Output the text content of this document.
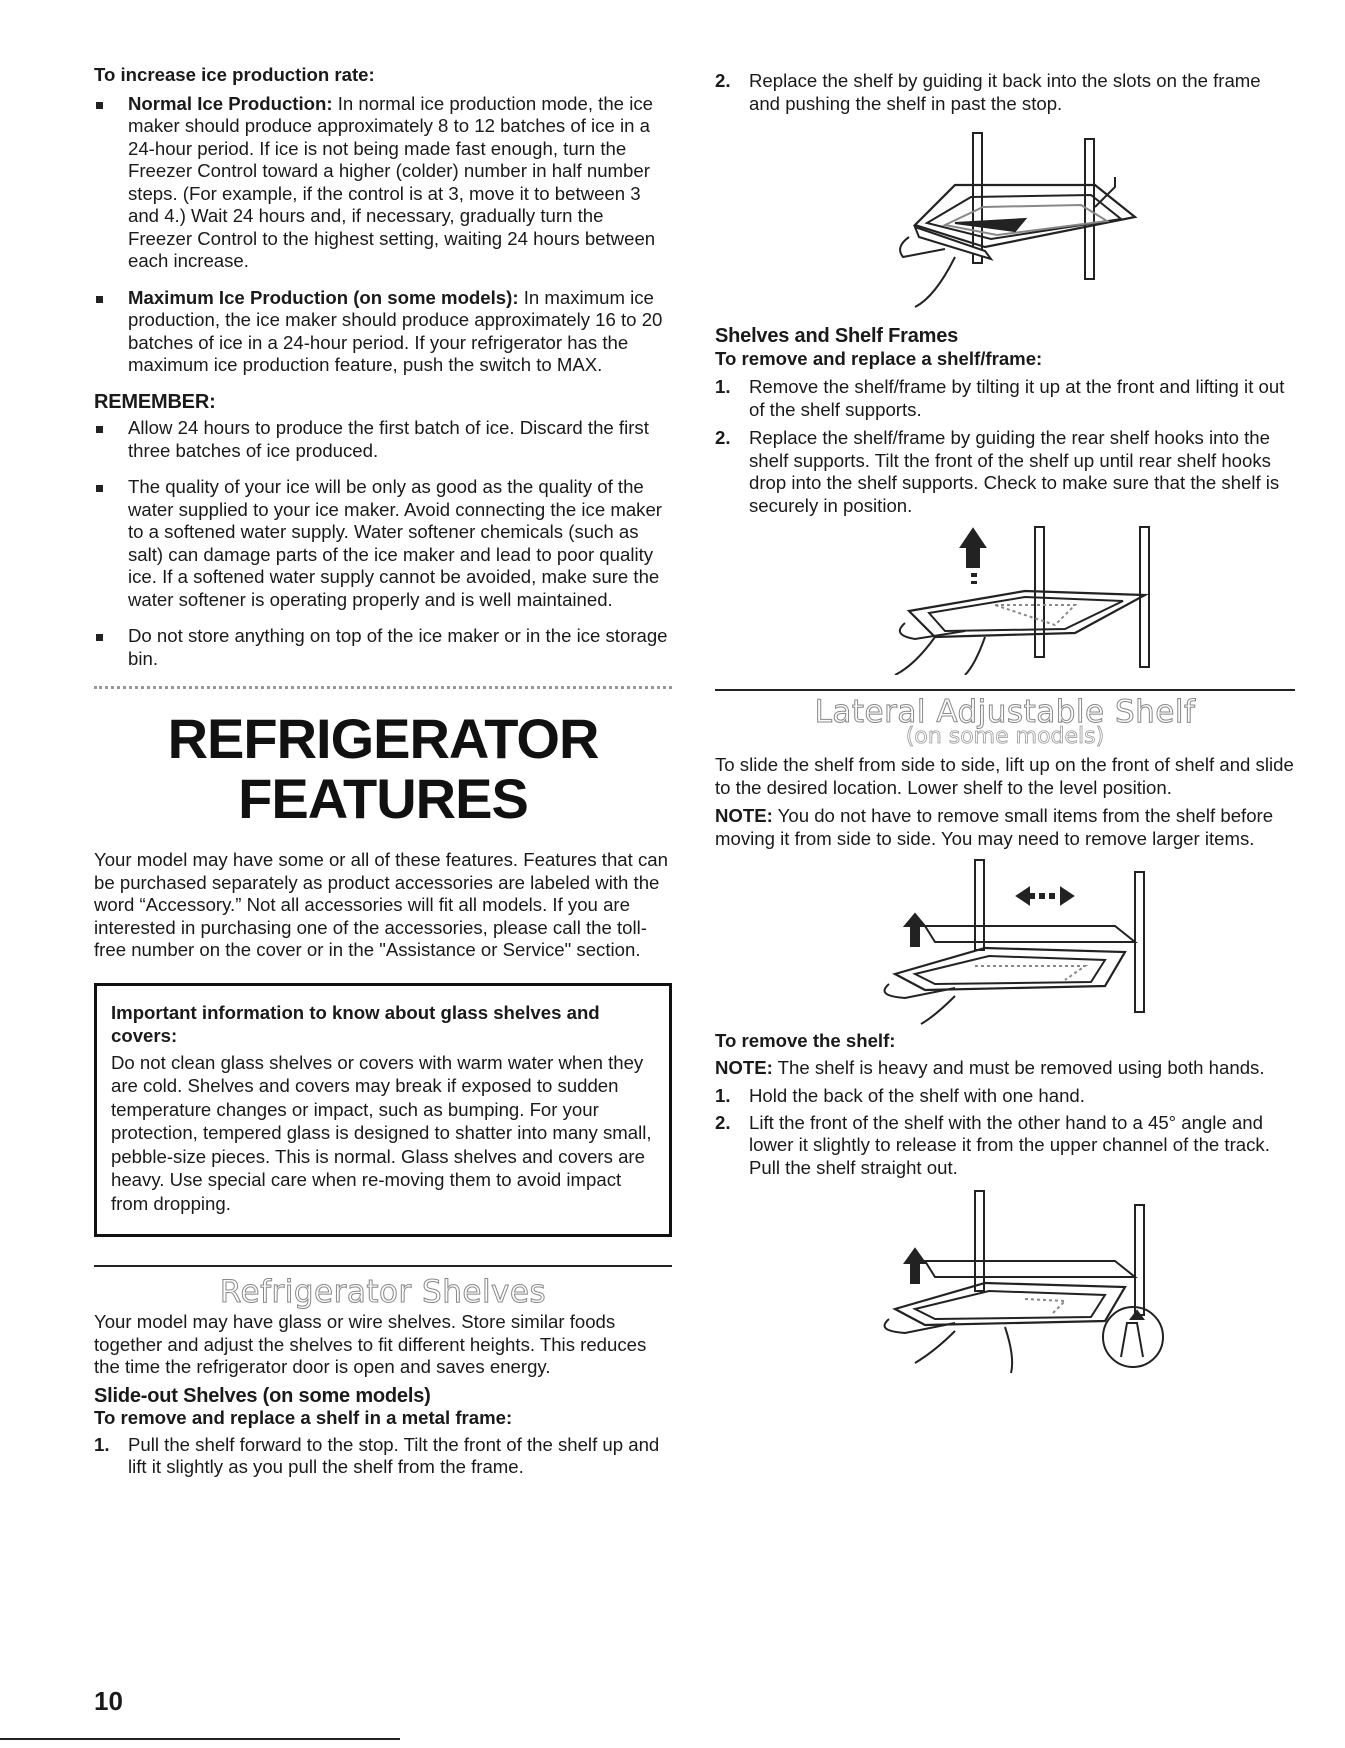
To increase ice production rate:
Normal Ice Production: In normal ice production mode, the ice maker should produce approximately 8 to 12 batches of ice in a 24-hour period. If ice is not being made fast enough, turn the Freezer Control toward a higher (colder) number in half number steps. (For example, if the control is at 3, move it to between 3 and 4.) Wait 24 hours and, if necessary, gradually turn the Freezer Control to the highest setting, waiting 24 hours between each increase.
Maximum Ice Production (on some models): In maximum ice production, the ice maker should produce approximately 16 to 20 batches of ice in a 24-hour period. If your refrigerator has the maximum ice production feature, push the switch to MAX.
REMEMBER:
Allow 24 hours to produce the first batch of ice. Discard the first three batches of ice produced.
The quality of your ice will be only as good as the quality of the water supplied to your ice maker. Avoid connecting the ice maker to a softened water supply. Water softener chemicals (such as salt) can damage parts of the ice maker and lead to poor quality ice. If a softened water supply cannot be avoided, make sure the water softener is operating properly and is well maintained.
Do not store anything on top of the ice maker or in the ice storage bin.
REFRIGERATOR
FEATURES

Your model may have some or all of these features. Features that can be purchased separately as product accessories are labeled with the word “Accessory.” Not all accessories will fit all models. If you are interested in purchasing one of the accessories, please call the toll-free number on the cover or in the "Assistance or Service" section.

Important information to know about glass shelves and covers:

Do not clean glass shelves or covers with warm water when they are cold. Shelves and covers may break if exposed to sudden temperature changes or impact, such as bumping. For your protection, tempered glass is designed to shatter into many small, pebble-size pieces. This is normal. Glass shelves and covers are heavy. Use special care when re-moving them to avoid impact from dropping.

Refrigerator Shelves

Your model may have glass or wire shelves. Store similar foods together and adjust the shelves to fit different heights. This reduces the time the refrigerator door is open and saves energy.

Slide-out Shelves (on some models)
To remove and replace a shelf in a metal frame:
1. Pull the shelf forward to the stop. Tilt the front of the shelf up and lift it slightly as you pull the shelf from the frame.
2. Replace the shelf by guiding it back into the slots on the frame and pushing the shelf in past the stop.
Shelves and Shelf Frames
To remove and replace a shelf/frame:
1. Remove the shelf/frame by tilting it up at the front and lifting it out of the shelf supports.
2. Replace the shelf/frame by guiding the rear shelf hooks into the shelf supports. Tilt the front of the shelf up until rear shelf hooks drop into the shelf supports. Check to make sure that the shelf is securely in position.
Lateral Adjustable Shelf
(on some models)

To slide the shelf from side to side, lift up on the front of shelf and slide to the desired location. Lower shelf to the level position.

NOTE: You do not have to remove small items from the shelf before moving it from side to side. You may need to remove larger items.

To remove the shelf:

NOTE: The shelf is heavy and must be removed using both hands.

1. Hold the back of the shelf with one hand.
2. Lift the front of the shelf with the other hand to a 45° angle and lower it slightly to release it from the upper channel of the track. Pull the shelf straight out.
10
